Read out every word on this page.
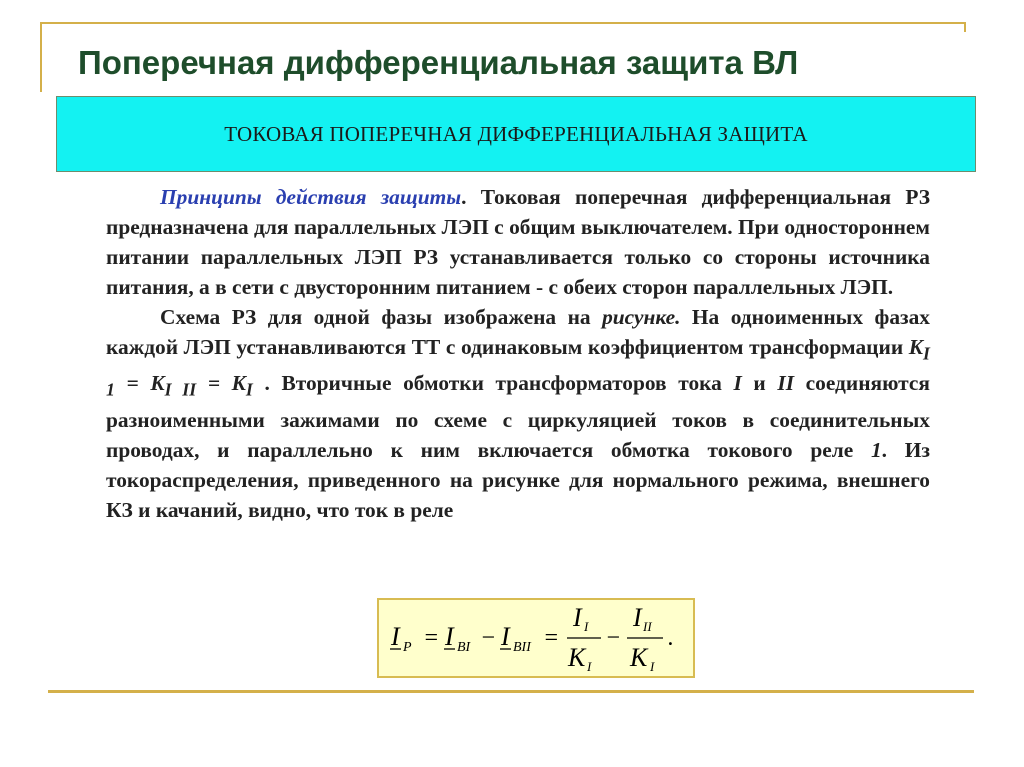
Поперечная дифференциальная защита ВЛ
ТОКОВАЯ ПОПЕРЕЧНАЯ ДИФФЕРЕНЦИАЛЬНАЯ ЗАЩИТА

Принципы действия защиты. Токовая поперечная дифференциальная РЗ предназначена для параллельных ЛЭП с общим выключателем. При одностороннем питании параллельных ЛЭП РЗ устанавливается только со стороны источника питания, а в сети с двусторонним питанием - с обеих сторон параллельных ЛЭП.

Схема РЗ для одной фазы изображена на рисунке. На одноименных фазах каждой ЛЭП устанавливаются ТТ с одинаковым коэффициентом трансформации $K_{I 1} = K_{I II} = K_I$ . Вторичные обмотки трансформаторов тока I и II соединяются разноименными зажимами по схеме с циркуляцией токов в соединительных проводах, и параллельно к ним включается обмотка токового реле 1. Из токораспределения, приведенного на рисунке для нормального режима, внешнего КЗ и качаний, видно, что ток в реле

I P = I BI − I BII =
I I
K I
−
I II
K I
.
